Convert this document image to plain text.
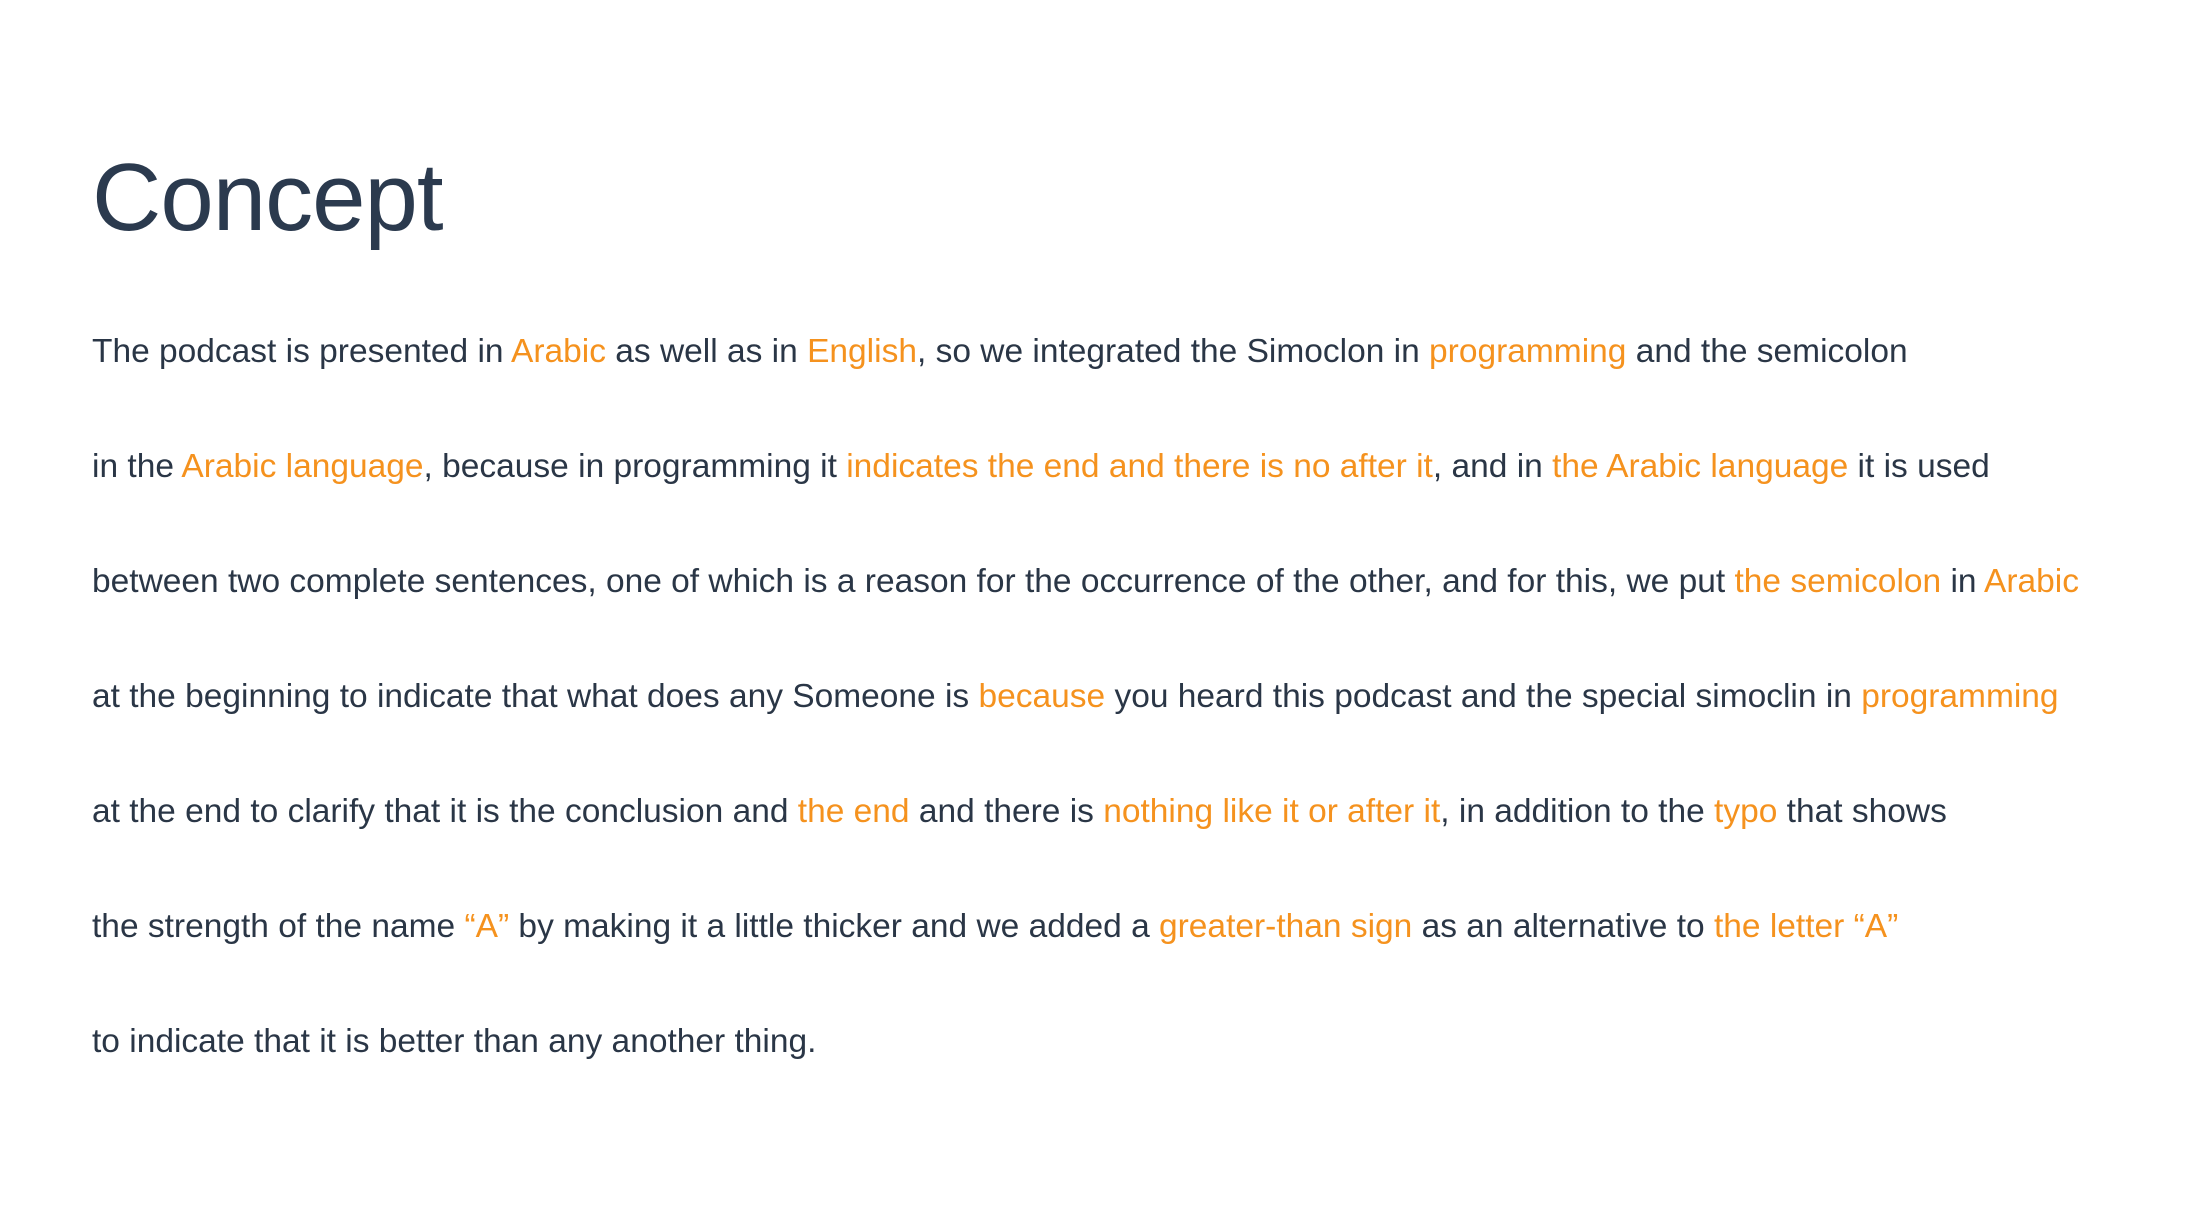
Concept
The podcast is presented in Arabic as well as in English, so we integrated the Simoclon in programming and the semicolon
in the Arabic language, because in programming it indicates the end and there is no after it, and in the Arabic language it is used
between two complete sentences, one of which is a reason for the occurrence of the other, and for this, we put the semicolon in Arabic
at the beginning to indicate that what does any Someone is because you heard this podcast and the special simoclin in programming
at the end to clarify that it is the conclusion and the end and there is nothing like it or after it, in addition to the typo that shows
the strength of the name “A” by making it a little thicker and we added a greater-than sign as an alternative to the letter “A”
to indicate that it is better than any another thing.
